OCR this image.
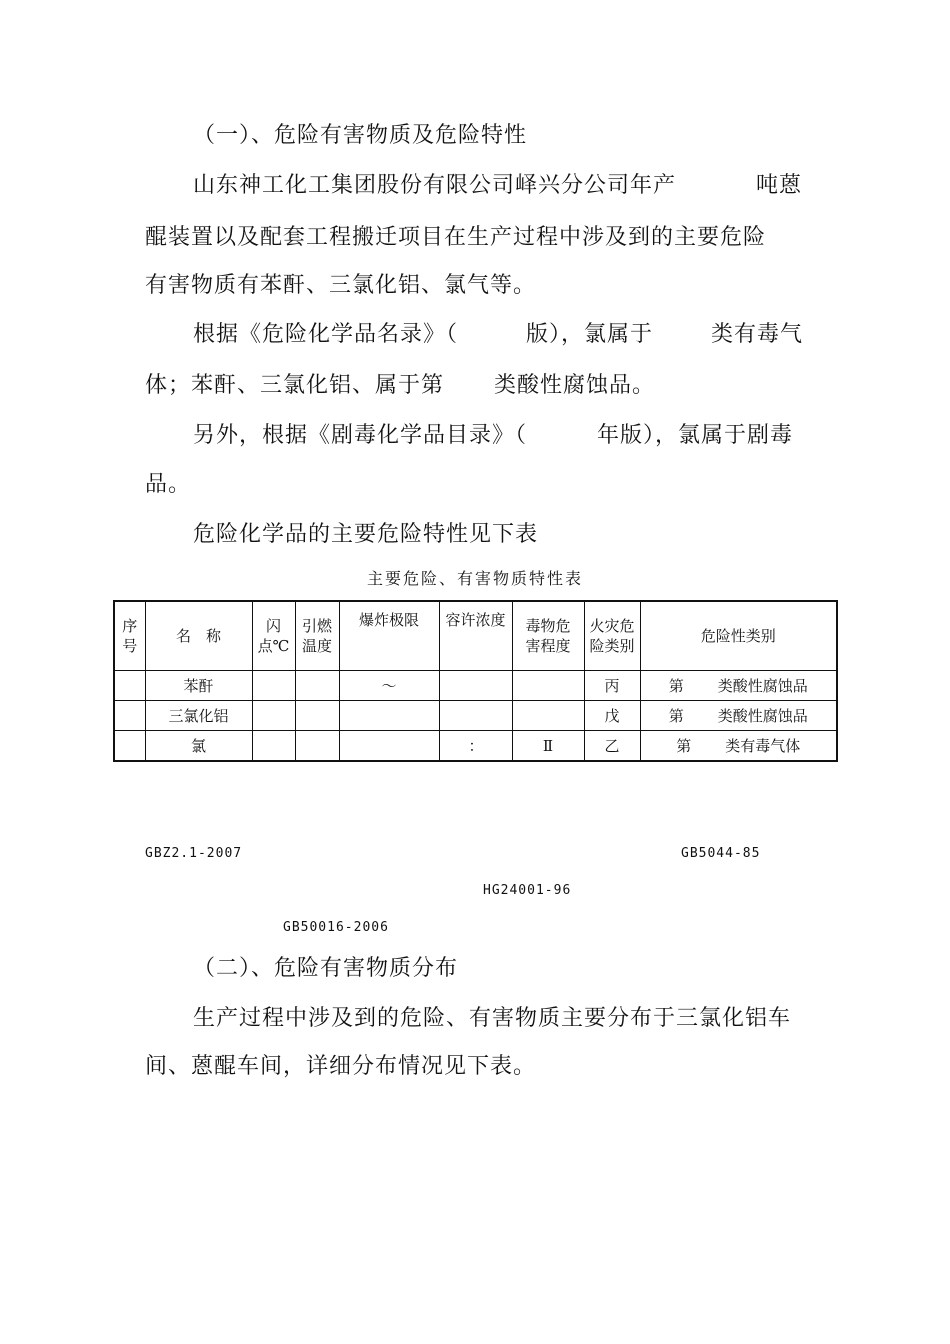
（一）、危险有害物质及危险特性
山东神工化工集团股份有限公司峄兴分公司年产	吨蒽
醌装置以及配套工程搬迁项目在生产过程中涉及到的主要危险
有害物质有苯酐、三氯化铝、氯气等。
根据《危险化学品名录》（	版），氯属于	类有毒气
体；苯酐、三氯化铝、属于第 类酸性腐蚀品。
另外，根据《剧毒化学品目录》（	年版），氯属于剧毒
品。
危险化学品的主要危险特性见下表
主要危险、有害物质特性表
序号	名　称	闪点℃	引燃温度	爆炸极限	容许浓度	毒物危害程度	火灾危险类别	危险性类别
	苯酐			～			丙	第 类酸性腐蚀品
	三氯化铝						戊	第 类酸性腐蚀品
	氯				：	Ⅱ	乙	第 类有毒气体
GBZ2.1-2007	GB5044-85
HG24001-96
GB50016-2006
（二）、危险有害物质分布
生产过程中涉及到的危险、有害物质主要分布于三氯化铝车
间、蒽醌车间，详细分布情况见下表。
